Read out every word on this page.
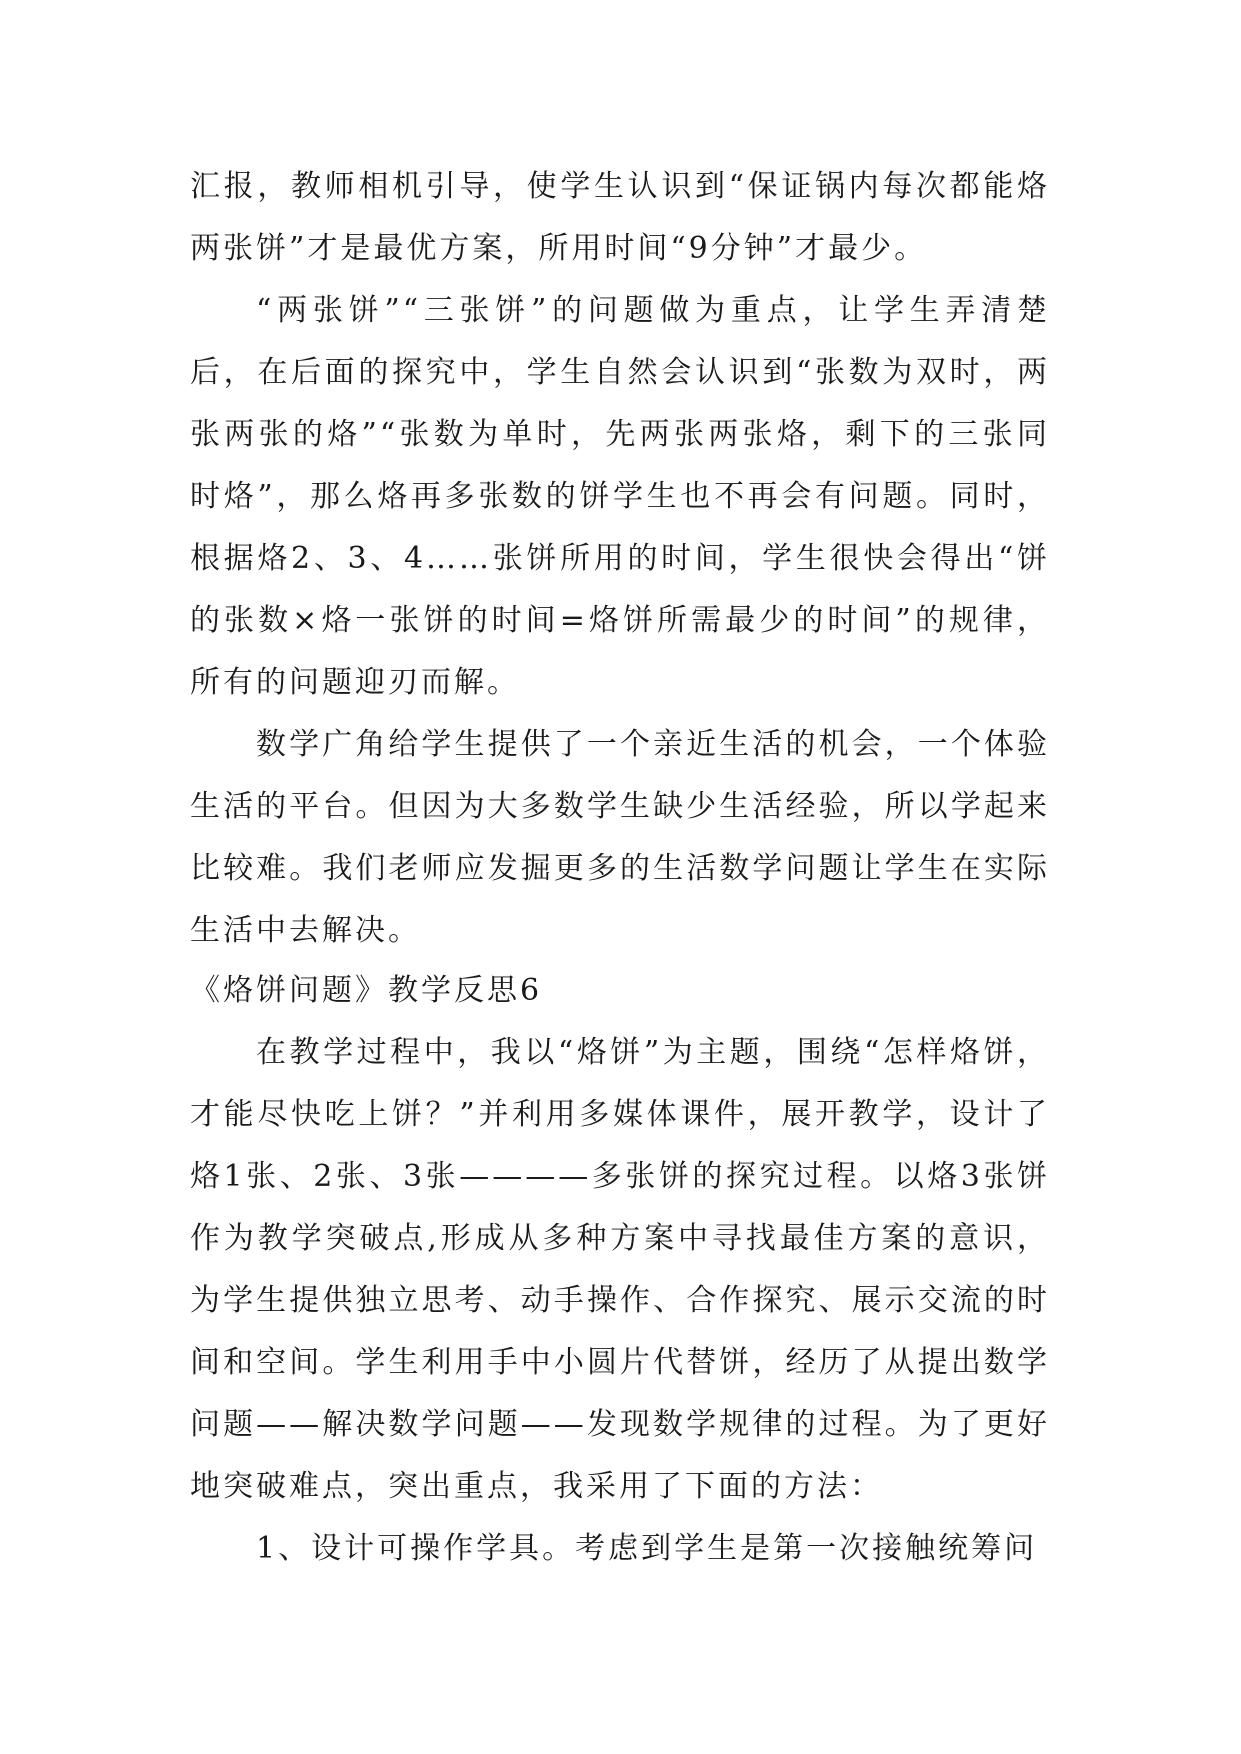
汇报，教师相机引导，使学生认识到“保证锅内每次都能烙两张饼”才是最优方案，所用时间“9分钟”才最少。

“两张饼”“三张饼”的问题做为重点，让学生弄清楚后，在后面的探究中，学生自然会认识到“张数为双时，两张两张的烙”“张数为单时，先两张两张烙，剩下的三张同时烙”，那么烙再多张数的饼学生也不再会有问题。同时，根据烙2、3、4……张饼所用的时间，学生很快会得出“饼的张数×烙一张饼的时间=烙饼所需最少的时间”的规律，所有的问题迎刃而解。

数学广角给学生提供了一个亲近生活的机会，一个体验生活的平台。但因为大多数学生缺少生活经验，所以学起来比较难。我们老师应发掘更多的生活数学问题让学生在实际生活中去解决。

《烙饼问题》教学反思6

在教学过程中，我以“烙饼”为主题，围绕“怎样烙饼，才能尽快吃上饼？”并利用多媒体课件，展开教学，设计了烙1张、2张、3张————多张饼的探究过程。以烙3张饼作为教学突破点,形成从多种方案中寻找最佳方案的意识，为学生提供独立思考、动手操作、合作探究、展示交流的时间和空间。学生利用手中小圆片代替饼，经历了从提出数学问题——解决数学问题——发现数学规律的过程。为了更好地突破难点，突出重点，我采用了下面的方法：

1、设计可操作学具。考虑到学生是第一次接触统筹问
